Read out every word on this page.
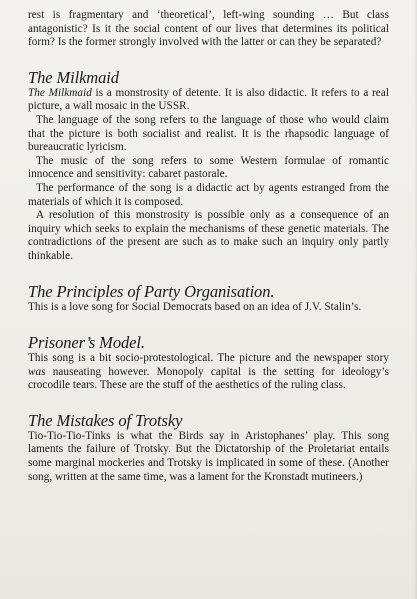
rest is fragmentary and ‘theoretical’, left-wing sounding … But class antagonistic? Is it the social content of our lives that determines its political form? Is the former strongly involved with the latter or can they be separated?

The Milkmaid

The Milkmaid is a monstrosity of detente. It is also didactic. It refers to a real picture, a wall mosaic in the USSR.

The language of the song refers to the language of those who would claim that the picture is both socialist and realist. It is the rhapsodic language of bureaucratic lyricism.

The music of the song refers to some Western formulae of romantic innocence and sensitivity: cabaret pastorale.

The performance of the song is a didactic act by agents estranged from the materials of which it is composed.

A resolution of this monstrosity is possible only as a consequence of an inquiry which seeks to explain the mechanisms of these genetic materials. The contradictions of the present are such as to make such an inquiry only partly thinkable.

The Principles of Party Organisation.

This is a love song for Social Democrats based on an idea of J.V. Stalin’s.

Prisoner’s Model.

This song is a bit socio-protestological. The picture and the newspaper story was nauseating however. Monopoly capital is the setting for ideology’s crocodile tears. These are the stuff of the aesthetics of the ruling class.

The Mistakes of Trotsky

Tio-Tio-Tio-Tinks is what the Birds say in Aristophanes’ play. This song laments the failure of Trotsky. But the Dictatorship of the Proletariat entails some marginal mockeries and Trotsky is implicated in some of these. (Another song, written at the same time, was a lament for the Kronstadt mutineers.)
